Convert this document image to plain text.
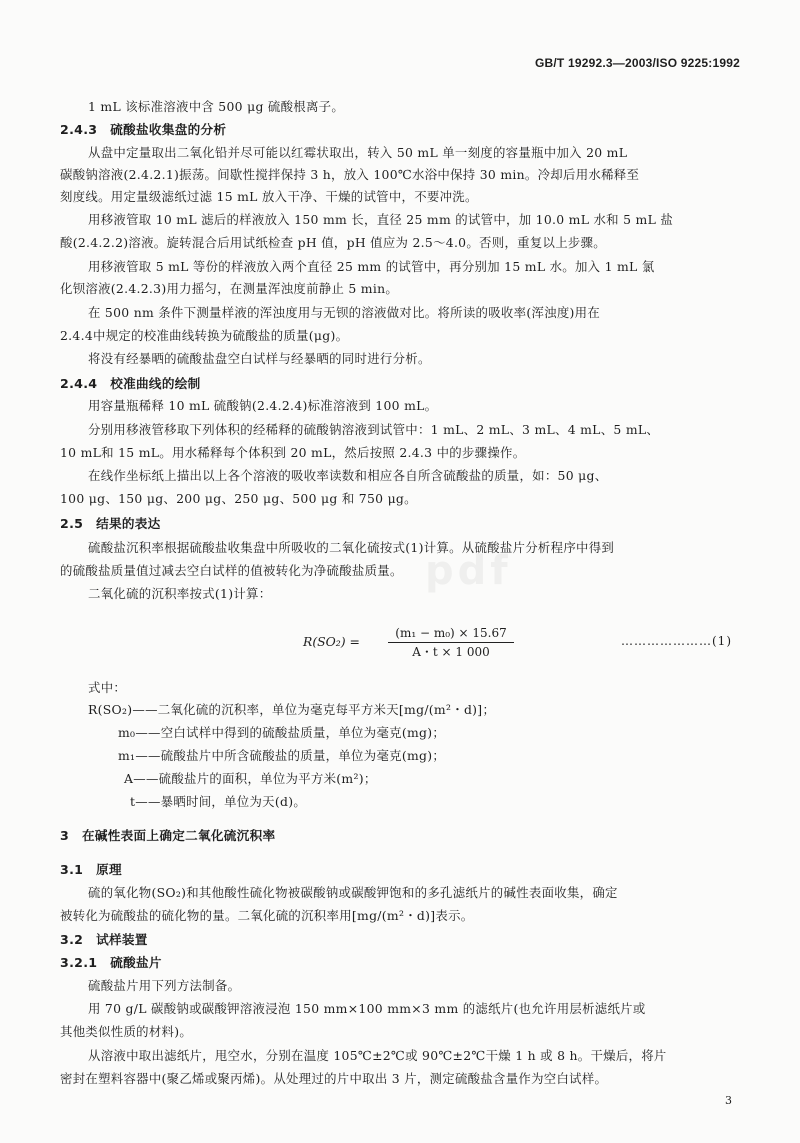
GB/T 19292.3—2003/ISO 9225:1992
pdf
1 mL 该标准溶液中含 500 μg 硫酸根离子。
2.4.3　硫酸盐收集盘的分析
从盘中定量取出二氧化铅并尽可能以红霉状取出，转入 50 mL 单一刻度的容量瓶中加入 20 mL
碳酸钠溶液(2.4.2.1)振荡。间歇性搅拌保持 3 h，放入 100℃水浴中保持 30 min。冷却后用水稀释至
刻度线。用定量级滤纸过滤 15 mL 放入干净、干燥的试管中，不要冲洗。
用移液管取 10 mL 滤后的样液放入 150 mm 长，直径 25 mm 的试管中，加 10.0 mL 水和 5 mL 盐
酸(2.4.2.2)溶液。旋转混合后用试纸检查 pH 值，pH 值应为 2.5～4.0。否则，重复以上步骤。
用移液管取 5 mL 等份的样液放入两个直径 25 mm 的试管中，再分别加 15 mL 水。加入 1 mL 氯
化钡溶液(2.4.2.3)用力摇匀，在测量浑浊度前静止 5 min。
在 500 nm 条件下测量样液的浑浊度用与无钡的溶液做对比。将所读的吸收率(浑浊度)用在
2.4.4中规定的校准曲线转换为硫酸盐的质量(μg)。
将没有经暴晒的硫酸盐盘空白试样与经暴晒的同时进行分析。
2.4.4　校准曲线的绘制
用容量瓶稀释 10 mL 硫酸钠(2.4.2.4)标准溶液到 100 mL。
分别用移液管移取下列体积的经稀释的硫酸钠溶液到试管中：1 mL、2 mL、3 mL、4 mL、5 mL、
10 mL和 15 mL。用水稀释每个体积到 20 mL，然后按照 2.4.3 中的步骤操作。
在线作坐标纸上描出以上各个溶液的吸收率读数和相应各自所含硫酸盐的质量，如：50 μg、
100 μg、150 μg、200 μg、250 μg、500 μg 和 750 μg。
2.5　结果的表达
硫酸盐沉积率根据硫酸盐收集盘中所吸收的二氧化硫按式(1)计算。从硫酸盐片分析程序中得到
的硫酸盐质量值过减去空白试样的值被转化为净硫酸盐质量。
二氧化硫的沉积率按式(1)计算：
$R(SO_2) = \frac{\text{(m₁ − m₀) × 15.67}}{A・t \times 1 000}$	…………………(1)
式中：
R(SO₂)——二氧化硫的沉积率，单位为毫克每平方米天[mg/(m²・d)]；
m₀——空白试样中得到的硫酸盐质量，单位为毫克(mg)；
m₁——硫酸盐片中所含硫酸盐的质量，单位为毫克(mg)；
A——硫酸盐片的面积，单位为平方米(m²)；
t——暴晒时间，单位为天(d)。
3　在碱性表面上确定二氧化硫沉积率
3.1　原理
硫的氧化物(SO₂)和其他酸性硫化物被碳酸钠或碳酸钾饱和的多孔滤纸片的碱性表面收集，确定
被转化为硫酸盐的硫化物的量。二氧化硫的沉积率用[mg/(m²・d)]表示。
3.2　试样装置
3.2.1　硫酸盐片
硫酸盐片用下列方法制备。
用 70 g/L 碳酸钠或碳酸钾溶液浸泡 150 mm×100 mm×3 mm 的滤纸片(也允许用层析滤纸片或
其他类似性质的材料)。
从溶液中取出滤纸片，甩空水，分别在温度 105℃±2℃或 90℃±2℃干燥 1 h 或 8 h。干燥后，将片
密封在塑料容器中(聚乙烯或聚丙烯)。从处理过的片中取出 3 片，测定硫酸盐含量作为空白试样。
3
